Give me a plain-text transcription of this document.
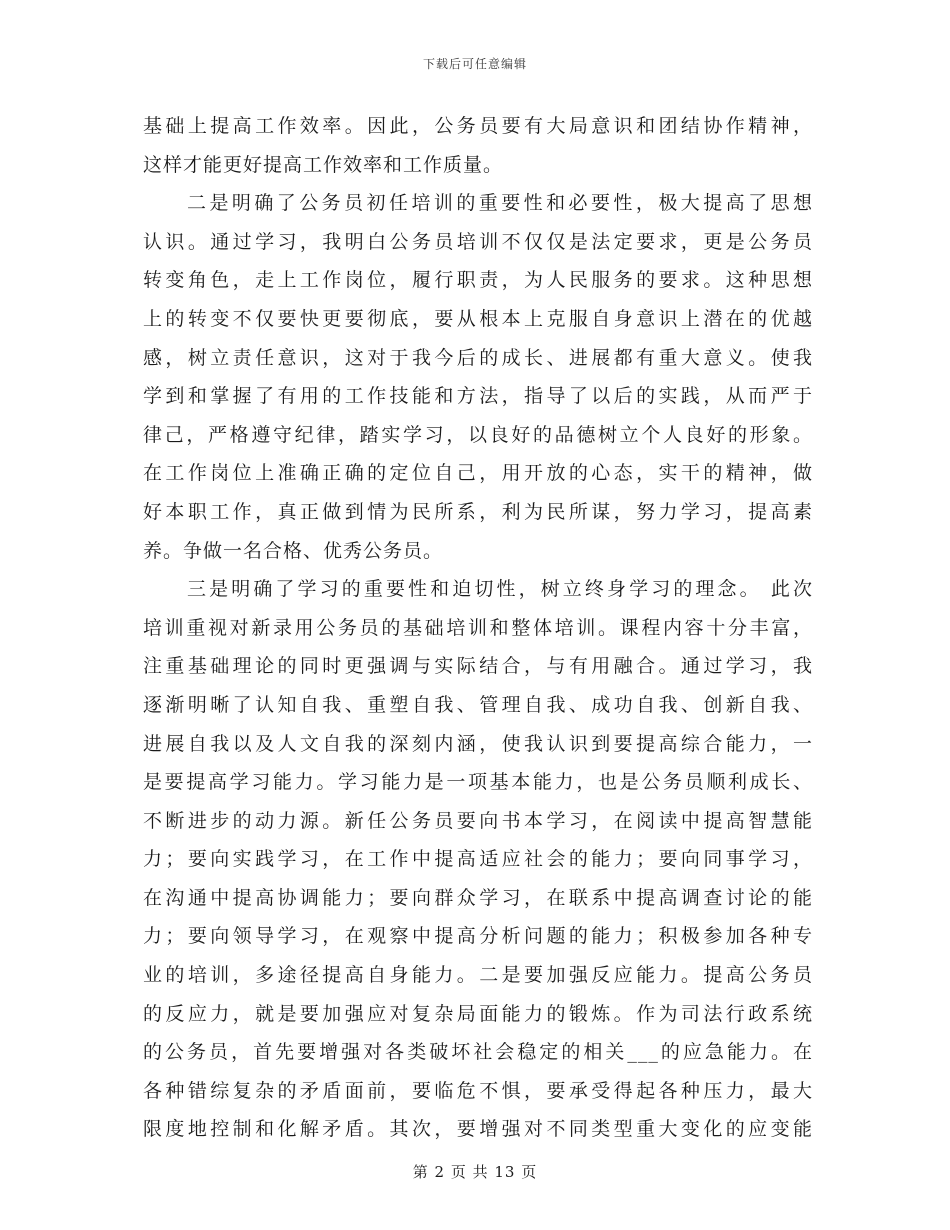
下载后可任意编辑
基础上提高工作效率。因此，公务员要有大局意识和团结协作精神，
这样才能更好提高工作效率和工作质量。
二是明确了公务员初任培训的重要性和必要性，极大提高了思想
认识。通过学习，我明白公务员培训不仅仅是法定要求，更是公务员
转变角色，走上工作岗位，履行职责，为人民服务的要求。这种思想
上的转变不仅要快更要彻底，要从根本上克服自身意识上潜在的优越
感，树立责任意识，这对于我今后的成长、进展都有重大意义。使我
学到和掌握了有用的工作技能和方法，指导了以后的实践，从而严于
律己，严格遵守纪律，踏实学习，以良好的品德树立个人良好的形象。
在工作岗位上准确正确的定位自己，用开放的心态，实干的精神，做
好本职工作，真正做到情为民所系，利为民所谋，努力学习，提高素
养。争做一名合格、优秀公务员。
三是明确了学习的重要性和迫切性，树立终身学习的理念。 此次
培训重视对新录用公务员的基础培训和整体培训。课程内容十分丰富，
注重基础理论的同时更强调与实际结合，与有用融合。通过学习，我
逐渐明晰了认知自我、重塑自我、管理自我、成功自我、创新自我、
进展自我以及人文自我的深刻内涵，使我认识到要提高综合能力，一
是要提高学习能力。学习能力是一项基本能力，也是公务员顺利成长、
不断进步的动力源。新任公务员要向书本学习，在阅读中提高智慧能
力；要向实践学习，在工作中提高适应社会的能力；要向同事学习，
在沟通中提高协调能力；要向群众学习，在联系中提高调查讨论的能
力；要向领导学习，在观察中提高分析问题的能力；积极参加各种专
业的培训，多途径提高自身能力。二是要加强反应能力。提高公务员
的反应力，就是要加强应对复杂局面能力的锻炼。作为司法行政系统
的公务员，首先要增强对各类破坏社会稳定的相关___的应急能力。在
各种错综复杂的矛盾面前，要临危不惧，要承受得起各种压力，最大
限度地控制和化解矛盾。其次，要增强对不同类型重大变化的应变能
第 2 页 共 13 页
